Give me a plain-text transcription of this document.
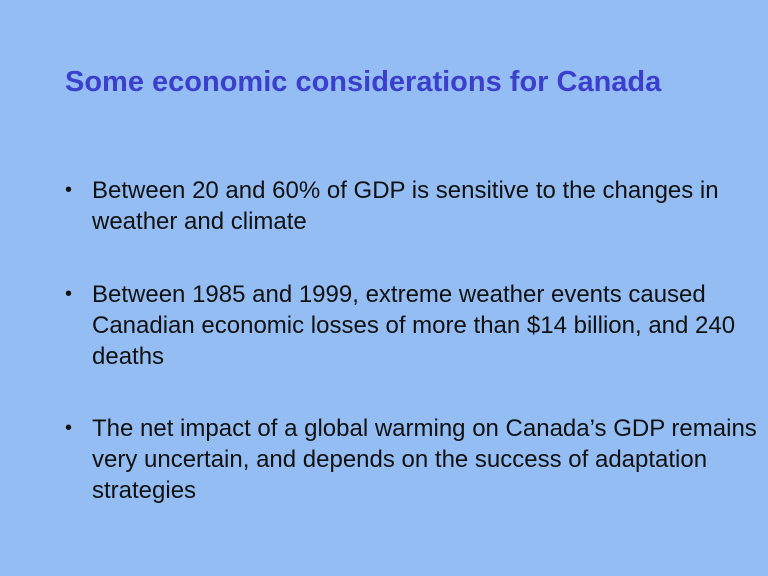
Some economic considerations for Canada
• Between 20 and 60% of GDP is sensitive to the changes in weather and climate
• Between 1985 and 1999, extreme weather events caused Canadian economic losses of more than $14 billion, and 240 deaths
• The net impact of a global warming on Canada’s GDP remains very uncertain, and depends on the success of adaptation strategies
